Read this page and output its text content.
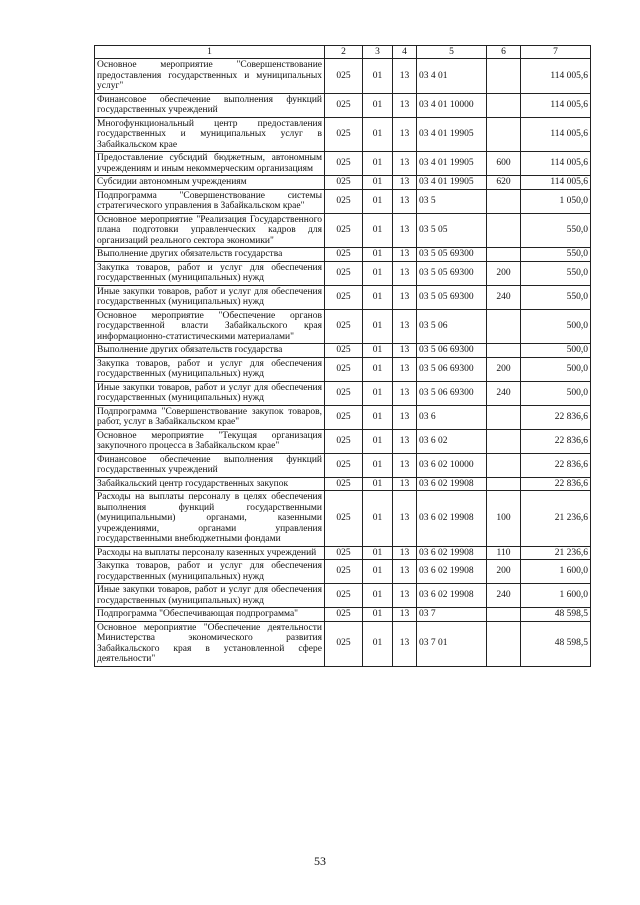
1	2	3	4	5	6	7
Основное мероприятие "Совершенствование предоставления государственных и муниципальных услуг"	025	01	13	03 4 01		114 005,6
Финансовое обеспечение выполнения функций государственных учреждений	025	01	13	03 4 01 10000		114 005,6
Многофункциональный центр предоставления государственных и муниципальных услуг в Забайкальском крае	025	01	13	03 4 01 19905		114 005,6
Предоставление субсидий бюджетным, автономным учреждениям и иным некоммерческим организациям	025	01	13	03 4 01 19905	600	114 005,6
Субсидии автономным учреждениям	025	01	13	03 4 01 19905	620	114 005,6
Подпрограмма "Совершенствование системы стратегического управления в Забайкальском крае"	025	01	13	03 5		1 050,0
Основное мероприятие "Реализация Государственного плана подготовки управленческих кадров для организаций реального сектора экономики"	025	01	13	03 5 05		550,0
Выполнение других обязательств государства	025	01	13	03 5 05 69300		550,0
Закупка товаров, работ и услуг для обеспечения государственных (муниципальных) нужд	025	01	13	03 5 05 69300	200	550,0
Иные закупки товаров, работ и услуг для обеспечения государственных (муниципальных) нужд	025	01	13	03 5 05 69300	240	550,0
Основное мероприятие "Обеспечение органов государственной власти Забайкальского края информационно-статистическими материалами"	025	01	13	03 5 06		500,0
Выполнение других обязательств государства	025	01	13	03 5 06 69300		500,0
Закупка товаров, работ и услуг для обеспечения государственных (муниципальных) нужд	025	01	13	03 5 06 69300	200	500,0
Иные закупки товаров, работ и услуг для обеспечения государственных (муниципальных) нужд	025	01	13	03 5 06 69300	240	500,0
Подпрограмма "Совершенствование закупок товаров, работ, услуг в Забайкальском крае"	025	01	13	03 6		22 836,6
Основное мероприятие "Текущая организация закупочного процесса в Забайкальском крае"	025	01	13	03 6 02		22 836,6
Финансовое обеспечение выполнения функций государственных учреждений	025	01	13	03 6 02 10000		22 836,6
Забайкальский центр государственных закупок	025	01	13	03 6 02 19908		22 836,6
Расходы на выплаты персоналу в целях обеспечения выполнения функций государственными (муниципальными) органами, казенными учреждениями, органами управления государственными внебюджетными фондами	025	01	13	03 6 02 19908	100	21 236,6
Расходы на выплаты персоналу казенных учреждений	025	01	13	03 6 02 19908	110	21 236,6
Закупка товаров, работ и услуг для обеспечения государственных (муниципальных) нужд	025	01	13	03 6 02 19908	200	1 600,0
Иные закупки товаров, работ и услуг для обеспечения государственных (муниципальных) нужд	025	01	13	03 6 02 19908	240	1 600,0
Подпрограмма "Обеспечивающая подпрограмма"	025	01	13	03 7		48 598,5
Основное мероприятие "Обеспечение деятельности Министерства экономического развития Забайкальского края в установленной сфере деятельности"	025	01	13	03 7 01		48 598,5
53
